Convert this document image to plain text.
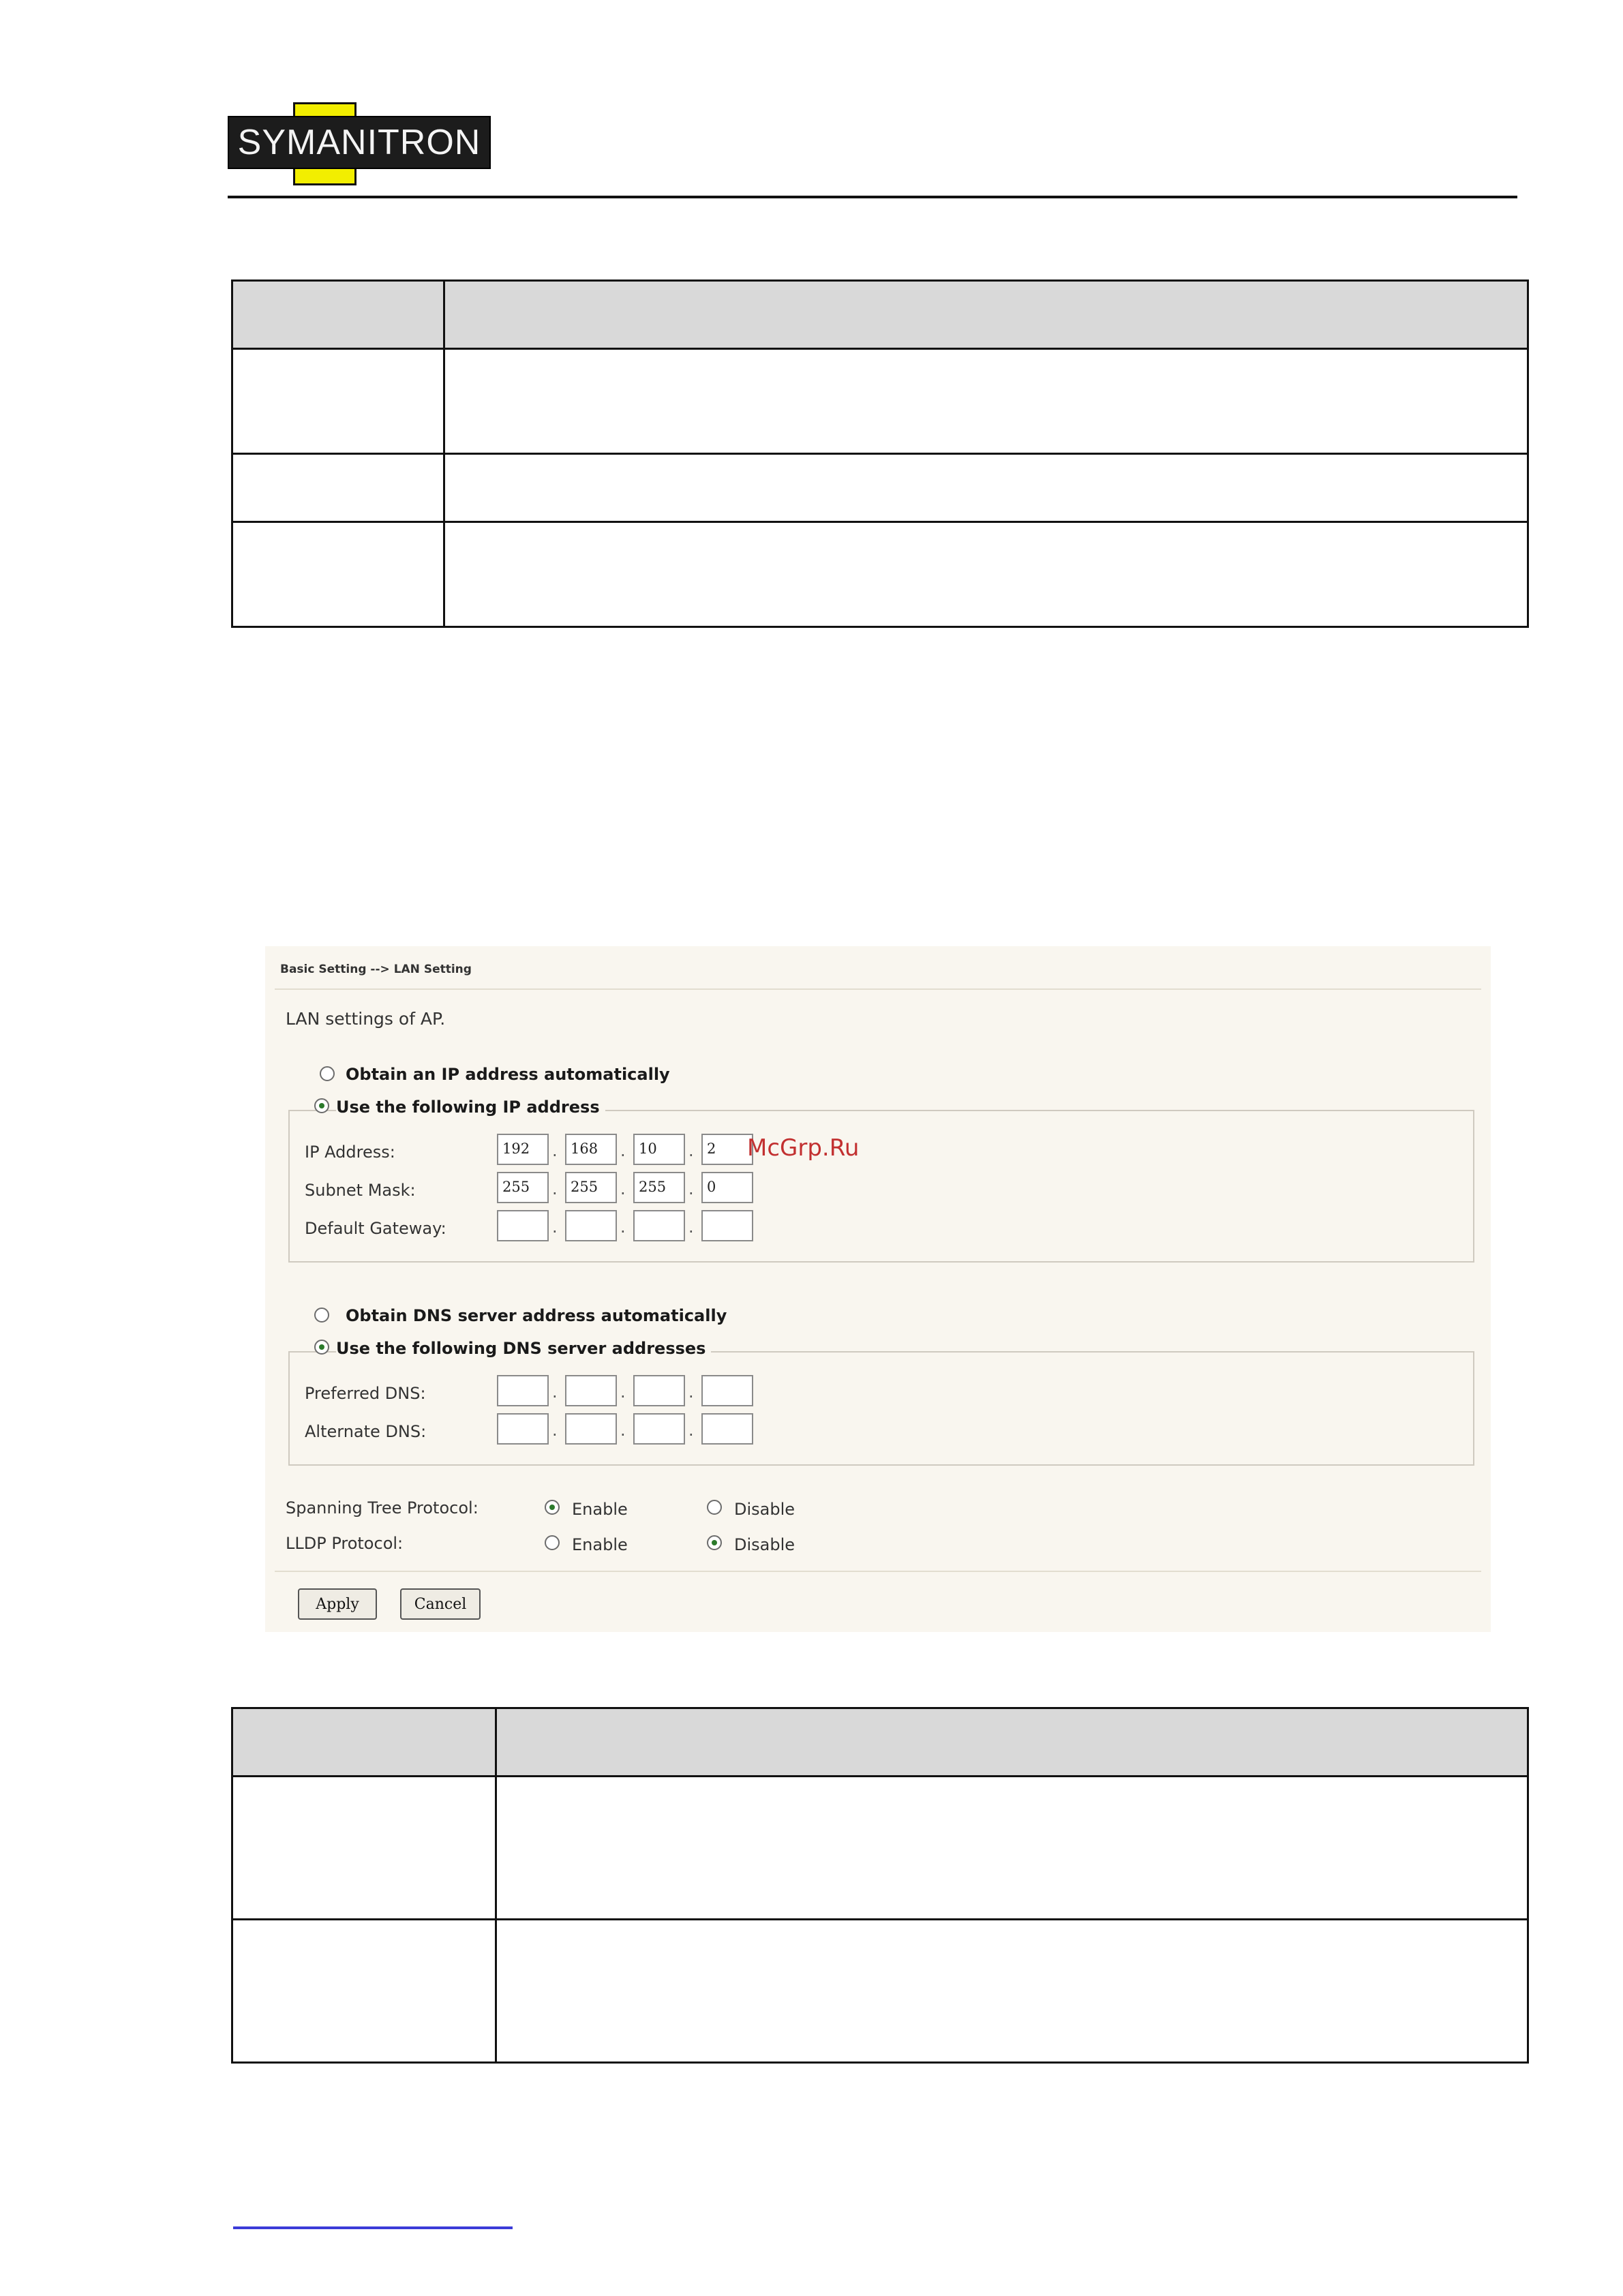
SYMANITRON

Basic Setting --> LAN Setting
LAN settings of AP.
Obtain an IP address automatically
Use the following IP address
IP Address:	192	. 168	. 10	. 2
Subnet Mask:	255	. 255	. 255	. 0
Default Gateway:	.	.	.
Obtain DNS server address automatically
Use the following DNS server addresses
Preferred DNS:	.	.	.
Alternate DNS:	.	.	.
Spanning Tree Protocol:	Enable	Disable
LLDP Protocol:	Enable	Disable
Apply	Cancel
McGrp.Ru
